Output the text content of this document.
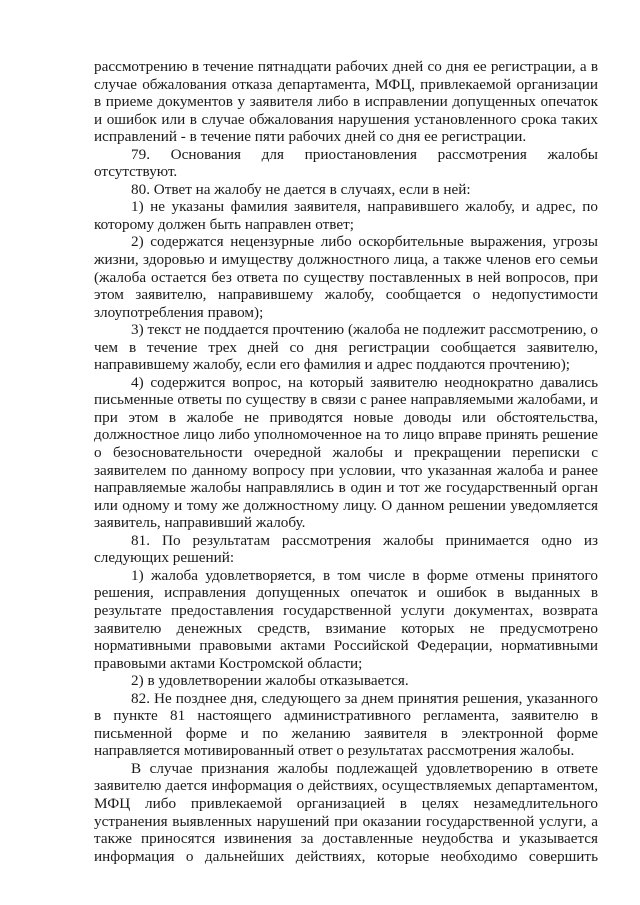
рассмотрению в течение пятнадцати рабочих дней со дня ее регистрации, а в случае обжалования отказа департамента, МФЦ, привлекаемой организации в приеме документов у заявителя либо в исправлении допущенных опечаток и ошибок или в случае обжалования нарушения установленного срока таких исправлений - в течение пяти рабочих дней со дня ее регистрации.

79. Основания для приостановления рассмотрения жалобы отсутствуют.

80. Ответ на жалобу не дается в случаях, если в ней:

1) не указаны фамилия заявителя, направившего жалобу, и адрес, по которому должен быть направлен ответ;

2) содержатся нецензурные либо оскорбительные выражения, угрозы жизни, здоровью и имуществу должностного лица, а также членов его семьи (жалоба остается без ответа по существу поставленных в ней вопросов, при этом заявителю, направившему жалобу, сообщается о недопустимости злоупотребления правом);

3) текст не поддается прочтению (жалоба не подлежит рассмотрению, о чем в течение трех дней со дня регистрации сообщается заявителю, направившему жалобу, если его фамилия и адрес поддаются прочтению);

4) содержится вопрос, на который заявителю неоднократно давались письменные ответы по существу в связи с ранее направляемыми жалобами, и при этом в жалобе не приводятся новые доводы или обстоятельства, должностное лицо либо уполномоченное на то лицо вправе принять решение о безосновательности очередной жалобы и прекращении переписки с заявителем по данному вопросу при условии, что указанная жалоба и ранее направляемые жалобы направлялись в один и тот же государственный орган или одному и тому же должностному лицу. О данном решении уведомляется заявитель, направивший жалобу.

81. По результатам рассмотрения жалобы принимается одно из следующих решений:

1) жалоба удовлетворяется, в том числе в форме отмены принятого решения, исправления допущенных опечаток и ошибок в выданных в результате предоставления государственной услуги документах, возврата заявителю денежных средств, взимание которых не предусмотрено нормативными правовыми актами Российской Федерации, нормативными правовыми актами Костромской области;

2) в удовлетворении жалобы отказывается.

82. Не позднее дня, следующего за днем принятия решения, указанного в пункте 81 настоящего административного регламента, заявителю в письменной форме и по желанию заявителя в электронной форме направляется мотивированный ответ о результатах рассмотрения жалобы.

В случае признания жалобы подлежащей удовлетворению в ответе заявителю дается информация о действиях, осуществляемых департаментом, МФЦ либо привлекаемой организацией в целях незамедлительного устранения выявленных нарушений при оказании государственной услуги, а также приносятся извинения за доставленные неудобства и указывается информация о дальнейших действиях, которые необходимо совершить
